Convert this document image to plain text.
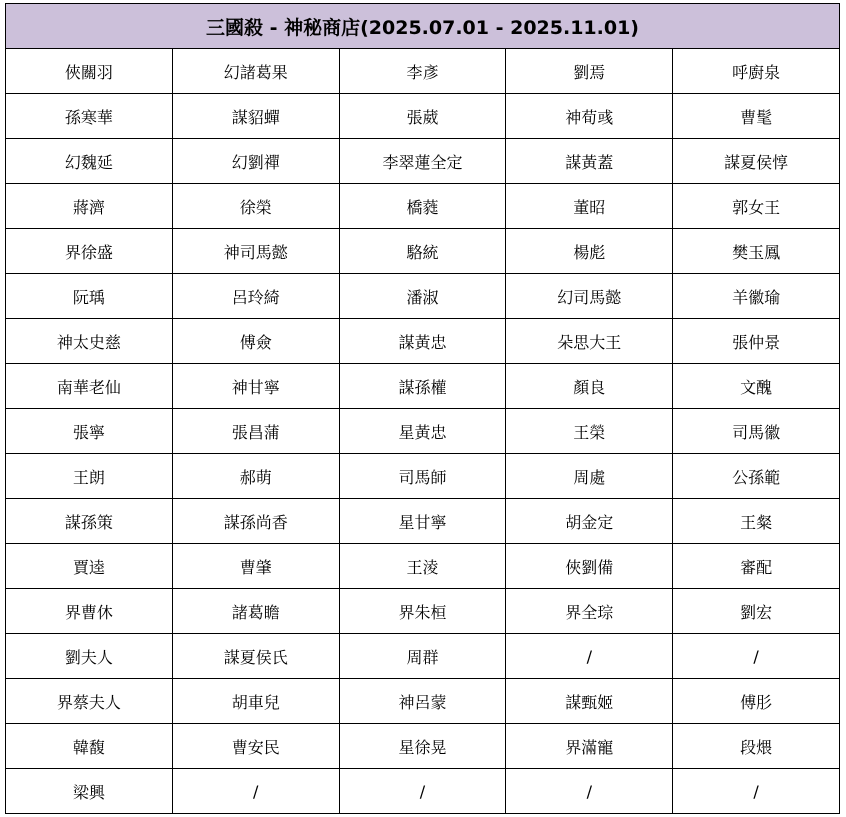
三國殺 - 神秘商店(2025.07.01 - 2025.11.01)				
俠關羽	幻諸葛果	李彥	劉焉	呼廚泉
孫寒華	謀貂蟬	張葳	神荀彧	曹髦
幻魏延	幻劉禪	李翠蓮全定	謀黃蓋	謀夏侯惇
蔣濟	徐榮	橋蕤	董昭	郭女王
界徐盛	神司馬懿	駱統	楊彪	樊玉鳳
阮瑀	呂玲綺	潘淑	幻司馬懿	羊徽瑜
神太史慈	傅僉	謀黃忠	朵思大王	張仲景
南華老仙	神甘寧	謀孫權	顏良	文醜
張寧	張昌蒲	星黃忠	王榮	司馬徽
王朗	郝萌	司馬師	周處	公孫範
謀孫策	謀孫尚香	星甘寧	胡金定	王粲
賈逵	曹肇	王淩	俠劉備	審配
界曹休	諸葛瞻	界朱桓	界全琮	劉宏
劉夫人	謀夏侯氏	周群	/	/
界蔡夫人	胡車兒	神呂蒙	謀甄姬	傅肜
韓馥	曹安民	星徐晃	界滿寵	段煨
梁興	/	/	/	/
